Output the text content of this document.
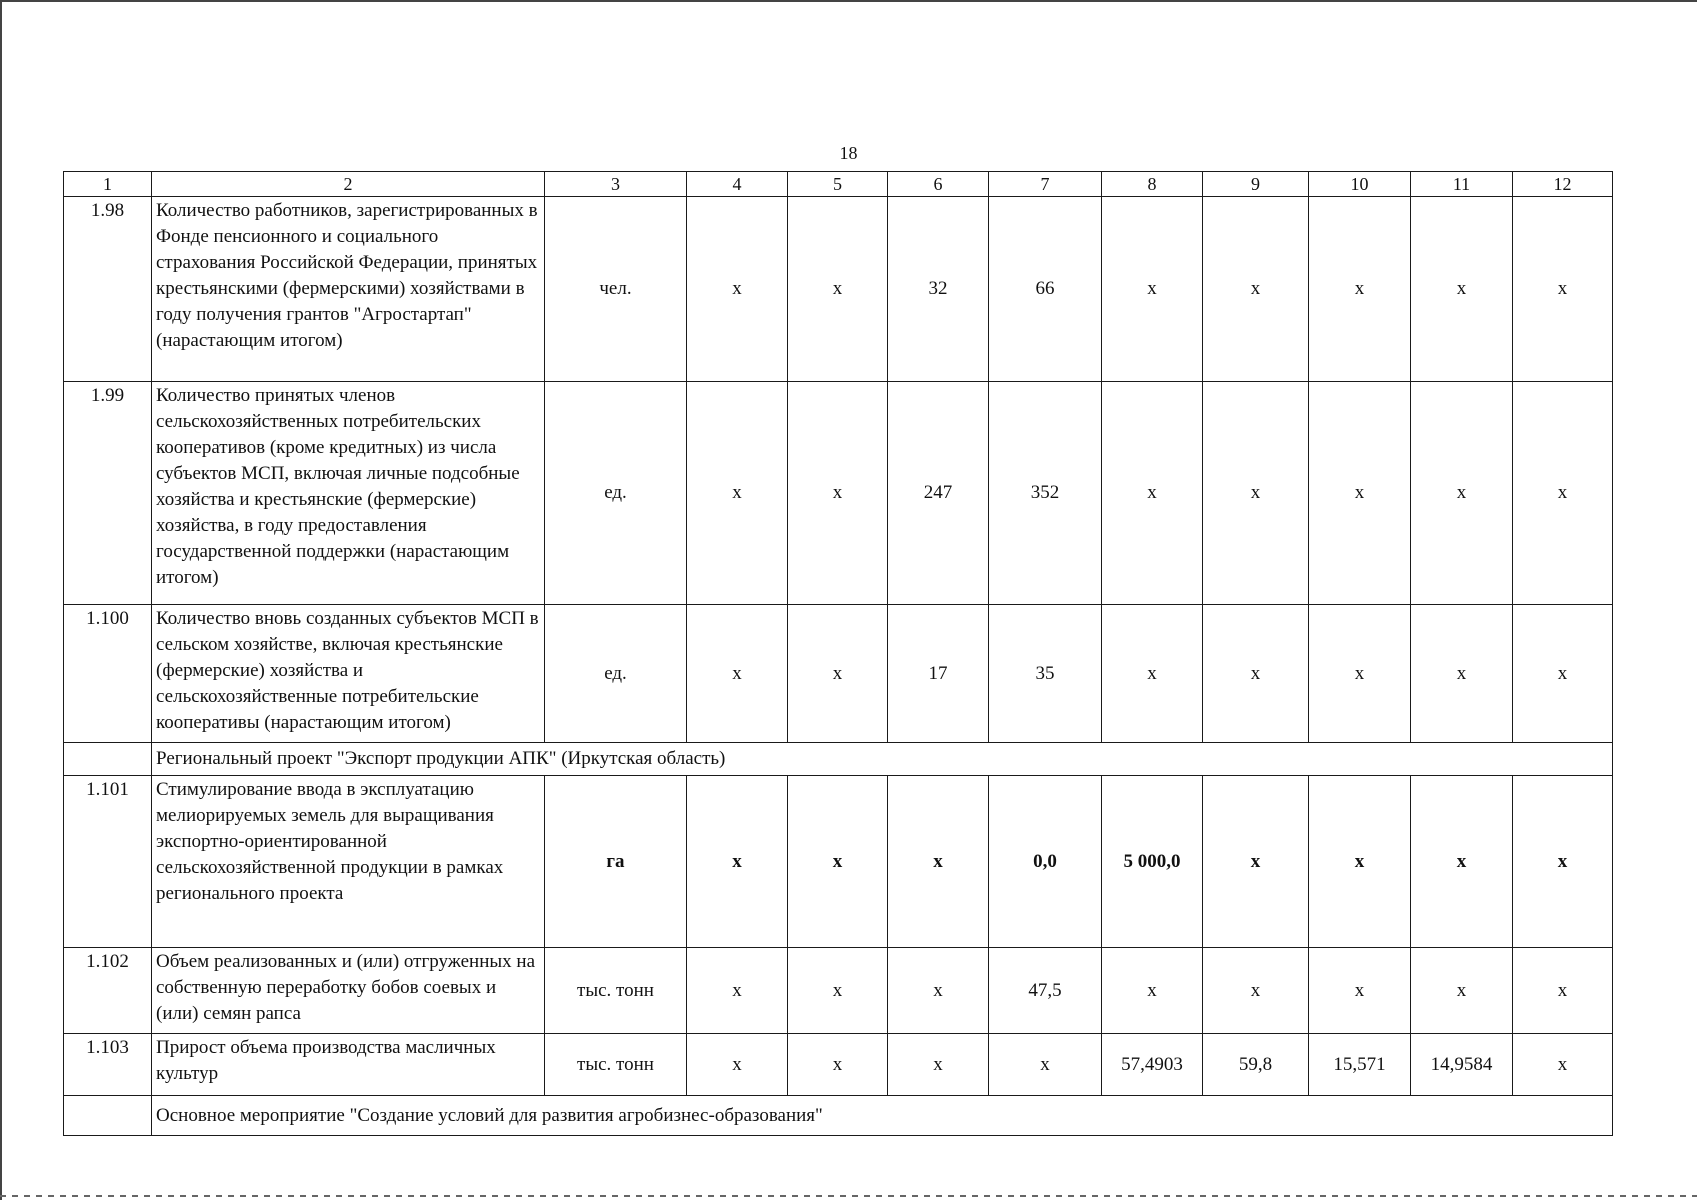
18
1	2	3	4	5	6	7	8	9	10	11	12
1.98	Количество работников, зарегистрированных в Фонде пенсионного и социального страхования Российской Федерации, принятых крестьянскими (фермерскими) хозяйствами в году получения грантов "Агростартап" (нарастающим итогом)	чел.	x	x	32	66	x	x	x	x	x
1.99	Количество принятых членов сельскохозяйственных потребительских кооперативов (кроме кредитных) из числа субъектов МСП, включая личные подсобные хозяйства и крестьянские (фермерские) хозяйства, в году предоставления государственной поддержки (нарастающим итогом)	ед.	x	x	247	352	x	x	x	x	x
1.100	Количество вновь созданных субъектов МСП в сельском хозяйстве, включая крестьянские (фермерские) хозяйства и сельскохозяйственные потребительские кооперативы (нарастающим итогом)	ед.	x	x	17	35	x	x	x	x	x
	Региональный проект "Экспорт продукции АПК" (Иркутская область)										
1.101	Стимулирование ввода в эксплуатацию мелиорируемых земель для выращивания экспортно-ориентированной сельскохозяйственной продукции в рамках регионального проекта	га	x	x	x	0,0	5 000,0	x	x	x	x
1.102	Объем реализованных и (или) отгруженных на собственную переработку бобов соевых и (или) семян рапса	тыс. тонн	x	x	x	47,5	x	x	x	x	x
1.103	Прирост объема производства масличных культур	тыс. тонн	x	x	x	x	57,4903	59,8	15,571	14,9584	x
	Основное мероприятие "Создание условий для развития агробизнес-образования"										
